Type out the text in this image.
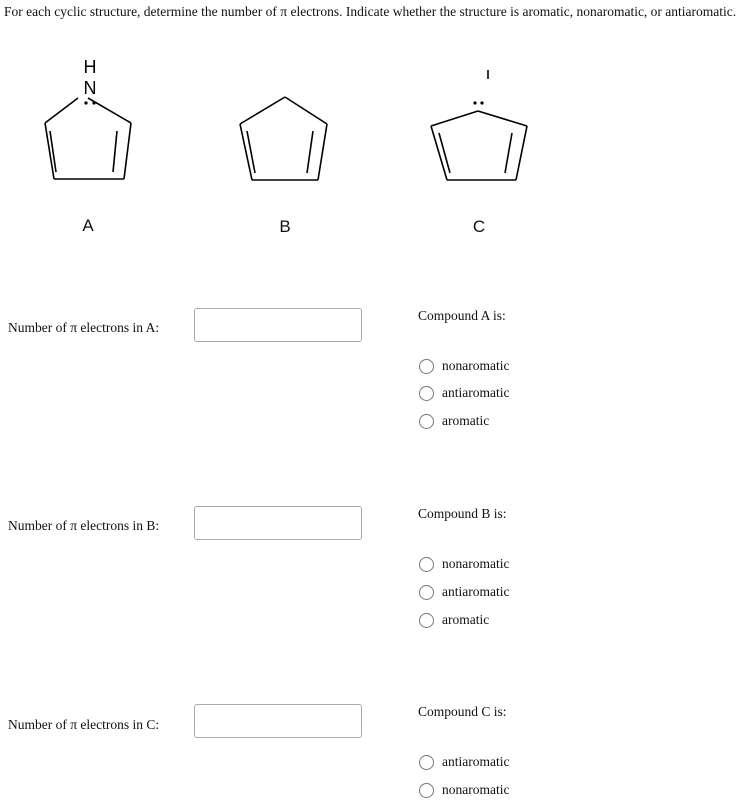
For each cyclic structure, determine the number of π electrons. Indicate whether the structure is aromatic, nonaromatic, or antiaromatic.
H
N
A	B	C
Number of π electrons in A:
Compound A is:
nonaromatic
antiaromatic
aromatic
Number of π electrons in B:
Compound B is:
nonaromatic
antiaromatic
aromatic
Number of π electrons in C:
Compound C is:
antiaromatic
nonaromatic
